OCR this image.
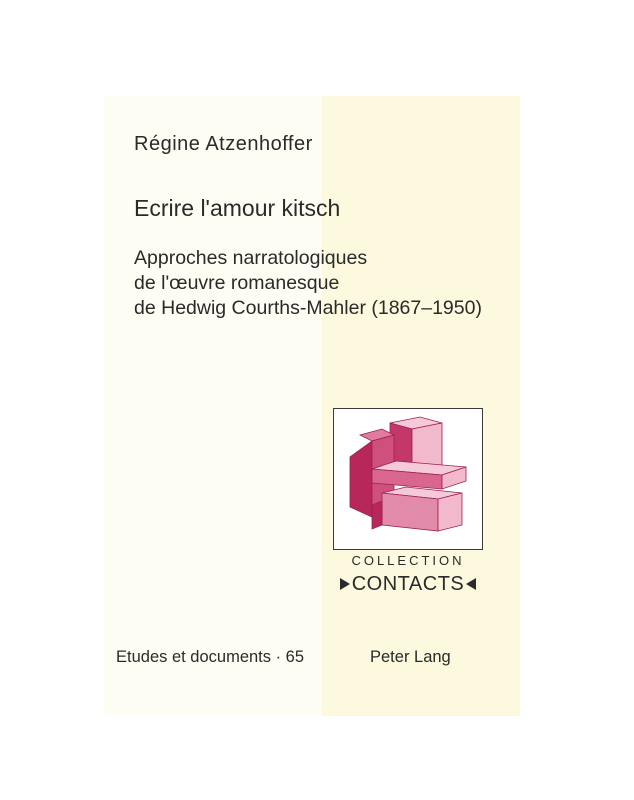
Régine Atzenhoffer
Ecrire l'amour kitsch
Approches narratologiques
de l'œuvre romanesque
de Hedwig Courths-Mahler (1867–1950)
COLLECTION
CONTACTS
Etudes et documents · 65	Peter Lang
